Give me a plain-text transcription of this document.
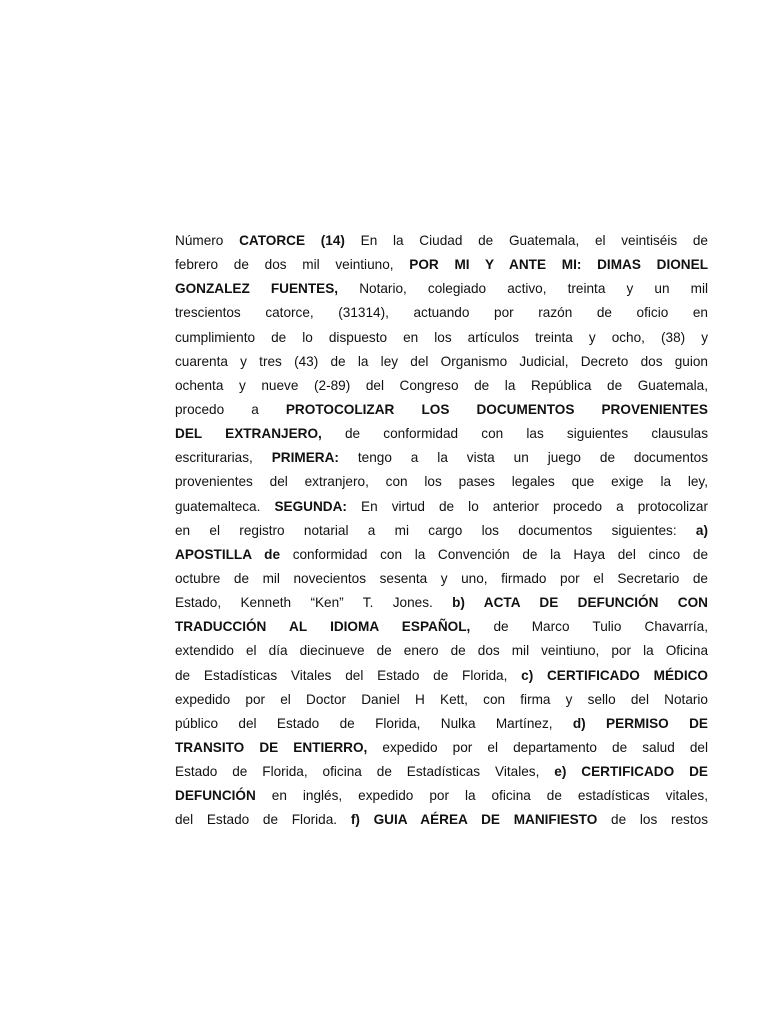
Número CATORCE (14) En la Ciudad de Guatemala, el veintiséis de
febrero de dos mil veintiuno, POR MI Y ANTE MI: DIMAS DIONEL
GONZALEZ FUENTES, Notario, colegiado activo, treinta y un mil
trescientos catorce, (31314), actuando por razón de oficio en
cumplimiento de lo dispuesto en los artículos treinta y ocho, (38) y
cuarenta y tres (43) de la ley del Organismo Judicial, Decreto dos guion
ochenta y nueve (2-89) del Congreso de la República de Guatemala,
procedo a PROTOCOLIZAR LOS DOCUMENTOS PROVENIENTES
DEL EXTRANJERO, de conformidad con las siguientes clausulas
escriturarias, PRIMERA: tengo a la vista un juego de documentos
provenientes del extranjero, con los pases legales que exige la ley,
guatemalteca. SEGUNDA: En virtud de lo anterior procedo a protocolizar
en el registro notarial a mi cargo los documentos siguientes: a)
APOSTILLA de conformidad con la Convención de la Haya del cinco de
octubre de mil novecientos sesenta y uno, firmado por el Secretario de
Estado, Kenneth “Ken” T. Jones. b) ACTA DE DEFUNCIÓN CON
TRADUCCIÓN AL IDIOMA ESPAÑOL, de Marco Tulio Chavarría,
extendido el día diecinueve de enero de dos mil veintiuno, por la Oficina
de Estadísticas Vitales del Estado de Florida, c) CERTIFICADO MÉDICO
expedido por el Doctor Daniel H Kett, con firma y sello del Notario
público del Estado de Florida, Nulka Martínez, d) PERMISO DE
TRANSITO DE ENTIERRO, expedido por el departamento de salud del
Estado de Florida, oficina de Estadísticas Vitales, e) CERTIFICADO DE
DEFUNCIÓN en inglés, expedido por la oficina de estadísticas vitales,
del Estado de Florida. f) GUIA AÉREA DE MANIFIESTO de los restos
